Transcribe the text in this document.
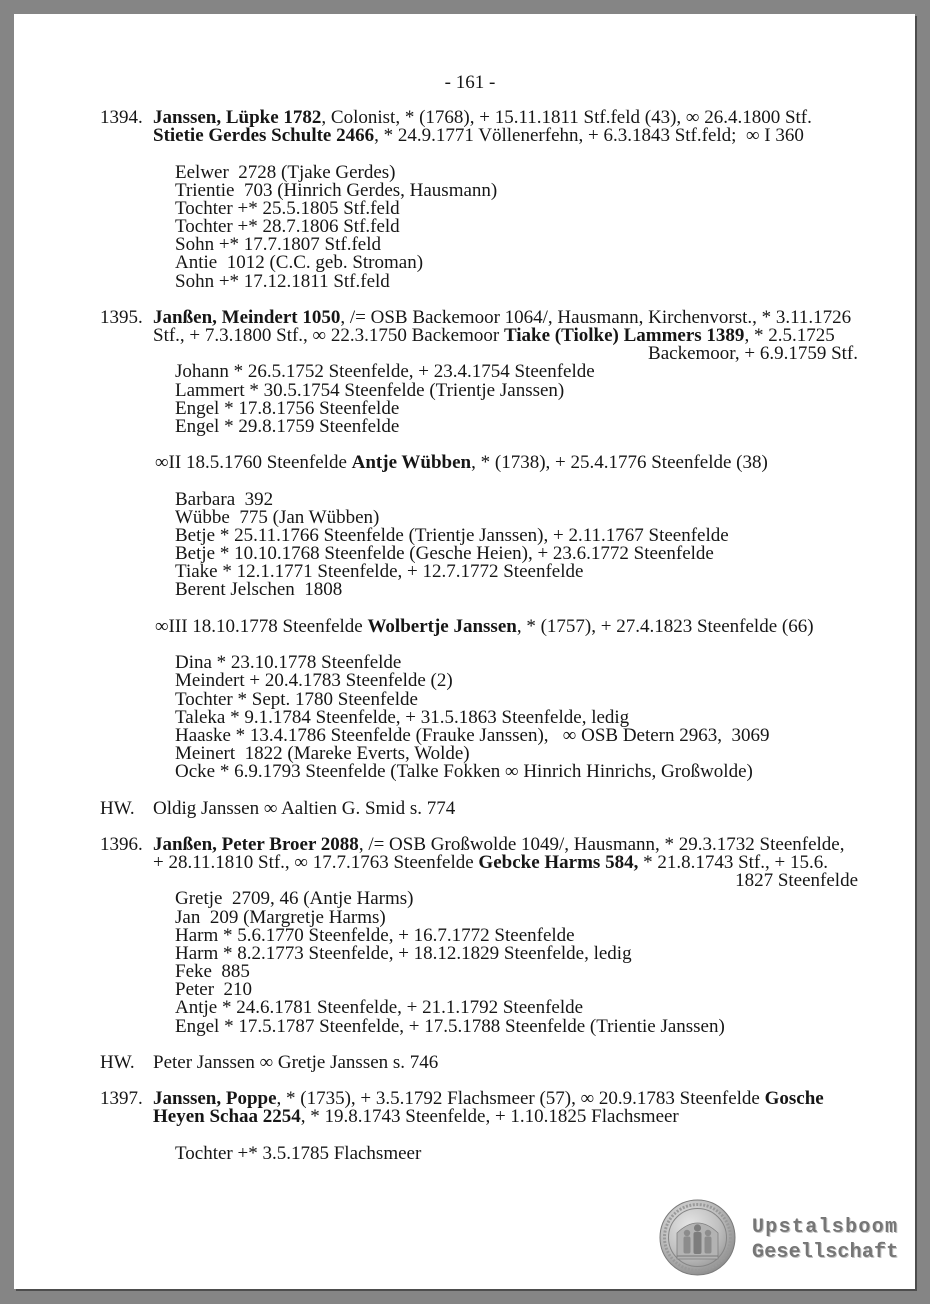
- 161 -
1394. Janssen, Lüpke 1782, Colonist, * (1768), + 15.11.1811 Stf.feld (43), ∞ 26.4.1800 Stf.
Stietie Gerdes Schulte 2466, * 24.9.1771 Völlenerfehn, + 6.3.1843 Stf.feld;  ∞ I 360
Eelwer  2728 (Tjake Gerdes)
Trientie  703 (Hinrich Gerdes, Hausmann)
Tochter +* 25.5.1805 Stf.feld
Tochter +* 28.7.1806 Stf.feld
Sohn +* 17.7.1807 Stf.feld
Antie  1012 (C.C. geb. Stroman)
Sohn +* 17.12.1811 Stf.feld
1395. Janßen, Meindert 1050, /= OSB Backemoor 1064/, Hausmann, Kirchenvorst., * 3.11.1726
Stf., + 7.3.1800 Stf., ∞ 22.3.1750 Backemoor Tiake (Tiolke) Lammers 1389, * 2.5.1725
Backemoor, + 6.9.1759 Stf.
Johann * 26.5.1752 Steenfelde, + 23.4.1754 Steenfelde
Lammert * 30.5.1754 Steenfelde (Trientje Janssen)
Engel * 17.8.1756 Steenfelde
Engel * 29.8.1759 Steenfelde
∞II 18.5.1760 Steenfelde Antje Wübben, * (1738), + 25.4.1776 Steenfelde (38)
Barbara  392
Wübbe  775 (Jan Wübben)
Betje * 25.11.1766 Steenfelde (Trientje Janssen), + 2.11.1767 Steenfelde
Betje * 10.10.1768 Steenfelde (Gesche Heien), + 23.6.1772 Steenfelde
Tiake * 12.1.1771 Steenfelde, + 12.7.1772 Steenfelde
Berent Jelschen  1808
∞III 18.10.1778 Steenfelde Wolbertje Janssen, * (1757), + 27.4.1823 Steenfelde (66)
Dina * 23.10.1778 Steenfelde
Meindert + 20.4.1783 Steenfelde (2)
Tochter * Sept. 1780 Steenfelde
Taleka * 9.1.1784 Steenfelde, + 31.5.1863 Steenfelde, ledig
Haaske * 13.4.1786 Steenfelde (Frauke Janssen),   ∞ OSB Detern 2963,  3069
Meinert  1822 (Mareke Everts, Wolde)
Ocke * 6.9.1793 Steenfelde (Talke Fokken ∞ Hinrich Hinrichs, Großwolde)
HW. Oldig Janssen ∞ Aaltien G. Smid s. 774
1396. Janßen, Peter Broer 2088, /= OSB Großwolde 1049/, Hausmann, * 29.3.1732 Steenfelde,
+ 28.11.1810 Stf., ∞ 17.7.1763 Steenfelde Gebcke Harms 584, * 21.8.1743 Stf., + 15.6.
1827 Steenfelde
Gretje  2709, 46 (Antje Harms)
Jan  209 (Margretje Harms)
Harm * 5.6.1770 Steenfelde, + 16.7.1772 Steenfelde
Harm * 8.2.1773 Steenfelde, + 18.12.1829 Steenfelde, ledig
Feke  885
Peter  210
Antje * 24.6.1781 Steenfelde, + 21.1.1792 Steenfelde
Engel * 17.5.1787 Steenfelde, + 17.5.1788 Steenfelde (Trientie Janssen)
HW. Peter Janssen ∞ Gretje Janssen s. 746
1397. Janssen, Poppe, * (1735), + 3.5.1792 Flachsmeer (57), ∞ 20.9.1783 Steenfelde Gosche
Heyen Schaa 2254, * 19.8.1743 Steenfelde, + 1.10.1825 Flachsmeer
Tochter +* 3.5.1785 Flachsmeer
Upstalsboom
Gesellschaft
